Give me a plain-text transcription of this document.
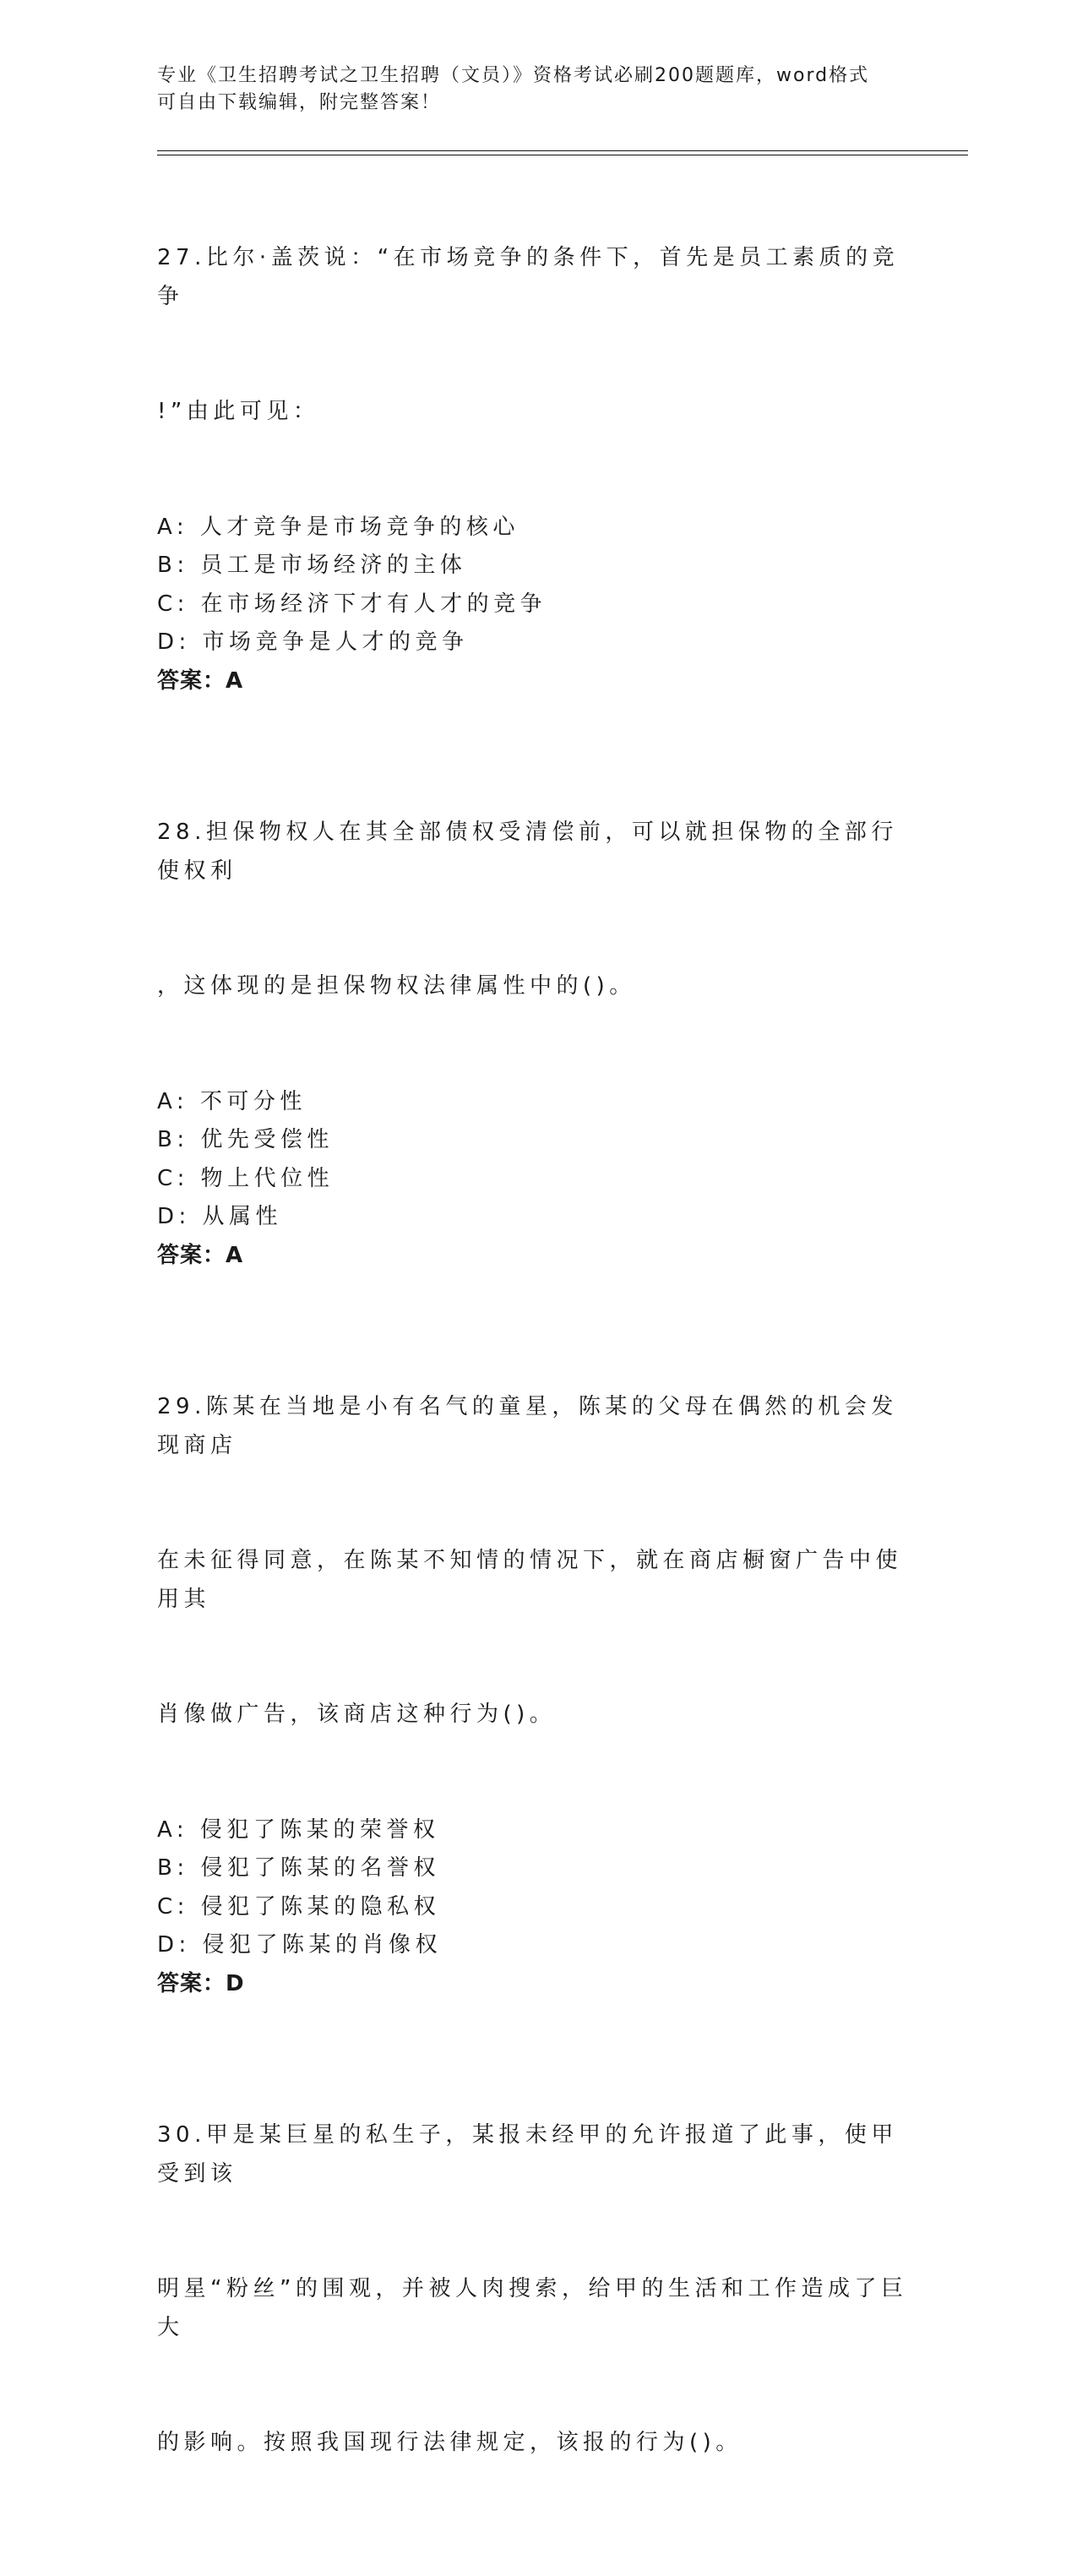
专业《卫生招聘考试之卫生招聘（文员）》资格考试必刷200题题库，word格式
可自由下载编辑，附完整答案！

27.比尔·盖茨说：“在市场竞争的条件下，首先是员工素质的竞争

!”由此可见：

A: 人才竞争是市场竞争的核心
B: 员工是市场经济的主体
C: 在市场经济下才有人才的竞争
D: 市场竞争是人才的竞争
答案：A

28.担保物权人在其全部债权受清偿前，可以就担保物的全部行使权利

，这体现的是担保物权法律属性中的()。

A: 不可分性
B: 优先受偿性
C: 物上代位性
D: 从属性
答案：A

29.陈某在当地是小有名气的童星，陈某的父母在偶然的机会发现商店

在未征得同意，在陈某不知情的情况下，就在商店橱窗广告中使用其

肖像做广告，该商店这种行为()。

A: 侵犯了陈某的荣誉权
B: 侵犯了陈某的名誉权
C: 侵犯了陈某的隐私权
D: 侵犯了陈某的肖像权
答案：D

30.甲是某巨星的私生子，某报未经甲的允许报道了此事，使甲受到该

明星“粉丝”的围观，并被人肉搜索，给甲的生活和工作造成了巨大

的影响。按照我国现行法律规定，该报的行为()。
